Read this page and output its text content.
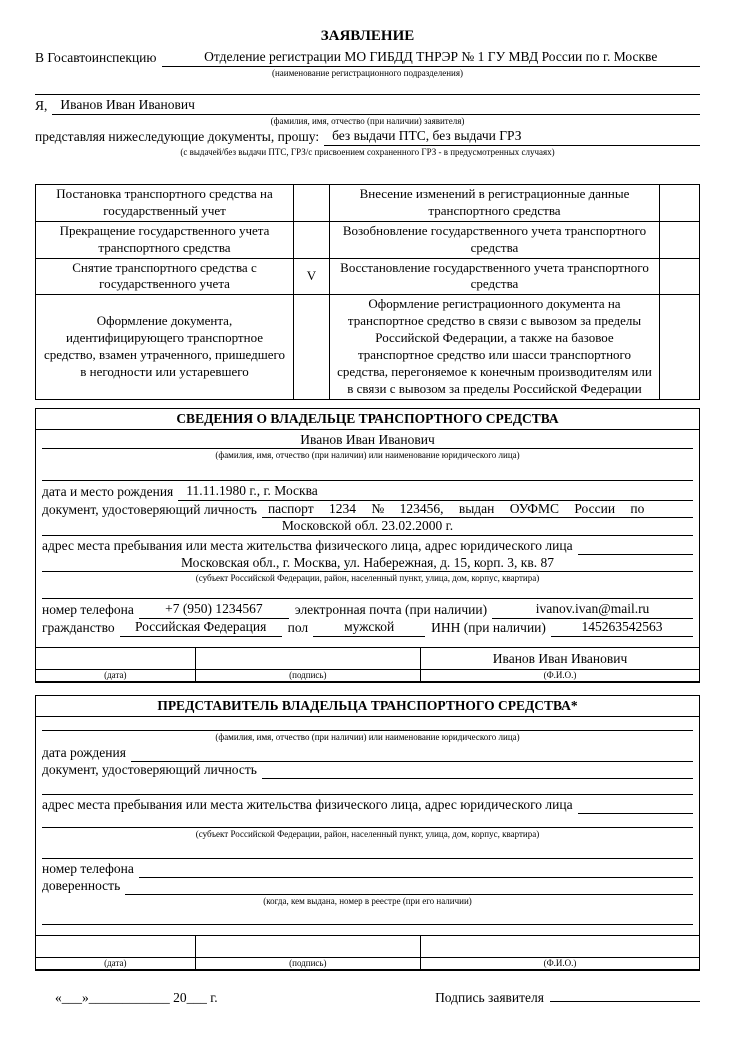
ЗАЯВЛЕНИЕ
В Госавтоинспекцию	Отделение регистрации МО ГИБДД ТНРЭР № 1 ГУ МВД России по г. Москве
(наименование регистрационного подразделения)
Я, Иванов Иван Иванович
(фамилия, имя, отчество (при наличии) заявителя)
представляя нижеследующие документы, прошу: без выдачи ПТС, без выдачи ГРЗ
(с выдачей/без выдачи ПТС, ГРЗ/с присвоением сохраненного ГРЗ - в предусмотренных случаях)
Постановка транспортного средства на государственный учет		Внесение изменений в регистрационные данные транспортного средства	
Прекращение государственного учета транспортного средства		Возобновление государственного учета транспортного средства	
Снятие транспортного средства с государственного учета	V	Восстановление государственного учета транспортного средства	
Оформление документа, идентифицирующего транспортное средство, взамен утраченного, пришедшего в негодности или устаревшего		Оформление регистрационного документа на транспортное средство в связи с вывозом за пределы Российской Федерации, а также на базовое транспортное средство или шасси транспортного средства, перегоняемое к конечным производителям или в связи с вывозом за пределы Российской Федерации	
СВЕДЕНИЯ О ВЛАДЕЛЬЦЕ ТРАНСПОРТНОГО СРЕДСТВА
Иванов Иван Иванович
(фамилия, имя, отчество (при наличии) или наименование юридического лица)
дата и место рождения 11.11.1980 г., г. Москва
документ, удостоверяющий личность паспорт 1234 № 123456, выдан ОУФМС России по
Московской обл. 23.02.2000 г.
адрес места пребывания или места жительства физического лица, адрес юридического лица
Московская обл., г. Москва, ул. Набережная, д. 15, корп. 3, кв. 87
(субъект Российской Федерации, район, населенный пункт, улица, дом, корпус, квартира)
номер телефона	+7 (950) 1234567	электронная почта (при наличии)	ivanov.ivan@mail.ru
гражданство	Российская Федерация	пол	мужской	ИНН (при наличии)	145263542563
		Иванов Иван Иванович
(дата)	(подпись)	(Ф.И.О.)
ПРЕДСТАВИТЕЛЬ ВЛАДЕЛЬЦА ТРАНСПОРТНОГО СРЕДСТВА*
(фамилия, имя, отчество (при наличии) или наименование юридического лица)
дата рождения
документ, удостоверяющий личность
адрес места пребывания или места жительства физического лица, адрес юридического лица
(субъект Российской Федерации, район, населенный пункт, улица, дом, корпус, квартира)
номер телефона
доверенность
(когда, кем выдана, номер в реестре (при его наличии)

(дата)	(подпись)	(Ф.И.О.)
«___»____________ 20___ г.	Подпись заявителя
